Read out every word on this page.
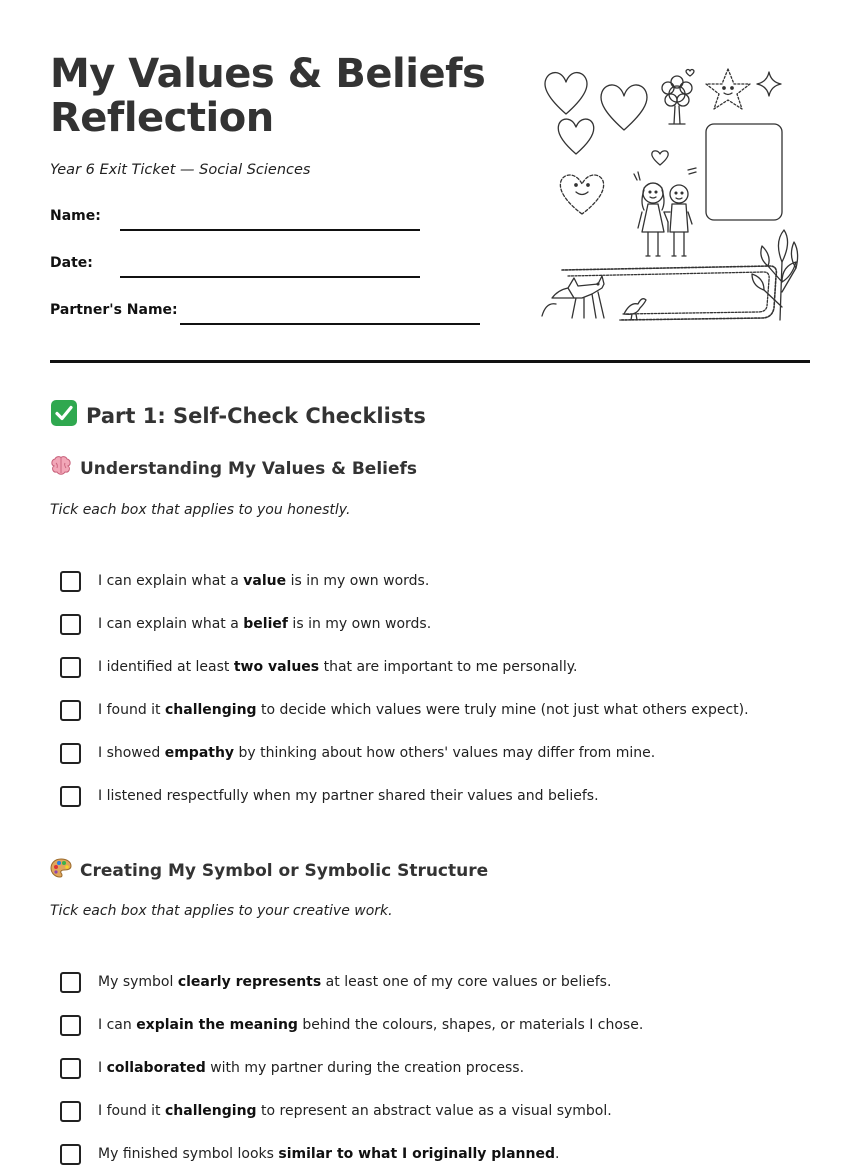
My Values & Beliefs
Reflection
Year 6 Exit Ticket — Social Sciences
Name:
Date:
Partner's Name:
Part 1: Self-Check Checklists
Understanding My Values & Beliefs
Tick each box that applies to you honestly.
I can explain what a value is in my own words.
I can explain what a belief is in my own words.
I identified at least two values that are important to me personally.
I found it challenging to decide which values were truly mine (not just what others expect).
I showed empathy by thinking about how others' values may differ from mine.
I listened respectfully when my partner shared their values and beliefs.
Creating My Symbol or Symbolic Structure
Tick each box that applies to your creative work.
My symbol clearly represents at least one of my core values or beliefs.
I can explain the meaning behind the colours, shapes, or materials I chose.
I collaborated with my partner during the creation process.
I found it challenging to represent an abstract value as a visual symbol.
My finished symbol looks similar to what I originally planned.
